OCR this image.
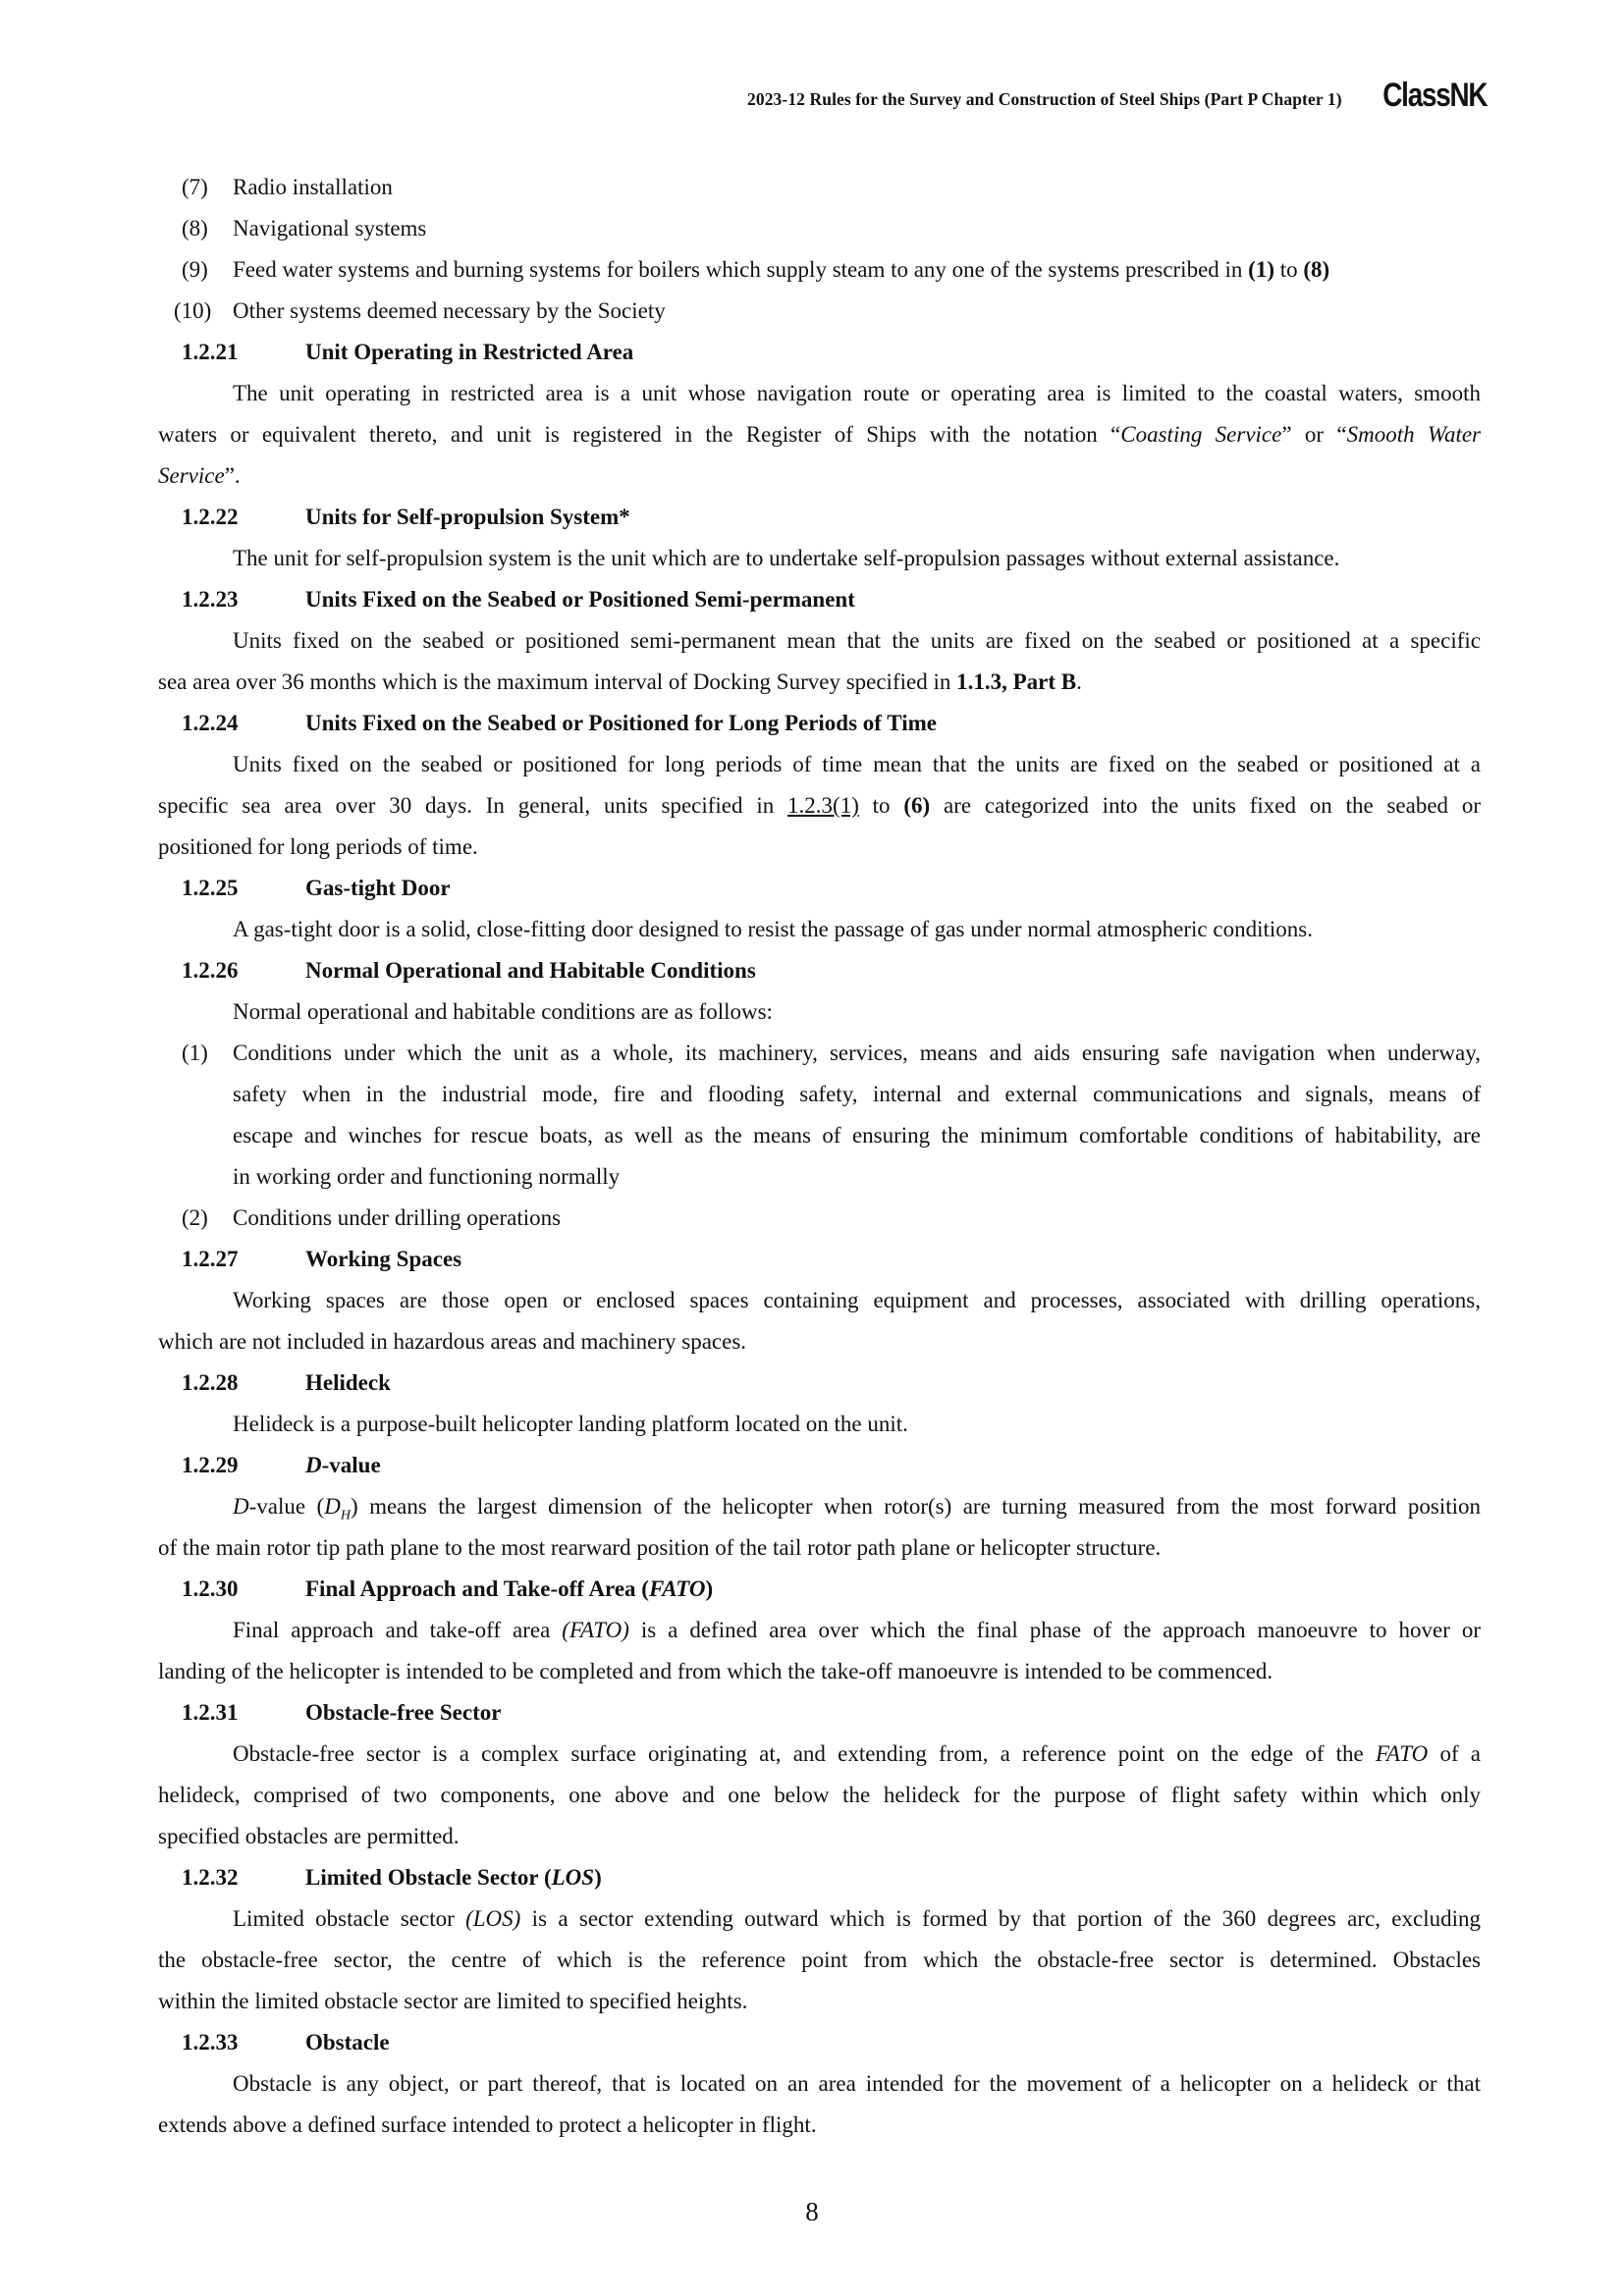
2023-12 Rules for the Survey and Construction of Steel Ships (Part P Chapter 1) ClassNK
(7)	Radio installation
(8)	Navigational systems
(9)	Feed water systems and burning systems for boilers which supply steam to any one of the systems prescribed in (1) to (8)
(10) Other systems deemed necessary by the Society
1.2.21	Unit Operating in Restricted Area
The unit operating in restricted area is a unit whose navigation route or operating area is limited to the coastal waters, smooth
waters or equivalent thereto, and unit is registered in the Register of Ships with the notation “Coasting Service” or “Smooth Water
Service”.
1.2.22	Units for Self-propulsion System*
The unit for self-propulsion system is the unit which are to undertake self-propulsion passages without external assistance.
1.2.23	Units Fixed on the Seabed or Positioned Semi-permanent
Units fixed on the seabed or positioned semi-permanent mean that the units are fixed on the seabed or positioned at a specific
sea area over 36 months which is the maximum interval of Docking Survey specified in 1.1.3, Part B.
1.2.24	Units Fixed on the Seabed or Positioned for Long Periods of Time
Units fixed on the seabed or positioned for long periods of time mean that the units are fixed on the seabed or positioned at a
specific sea area over 30 days. In general, units specified in 1.2.3(1) to (6) are categorized into the units fixed on the seabed or
positioned for long periods of time.
1.2.25	Gas-tight Door
A gas-tight door is a solid, close-fitting door designed to resist the passage of gas under normal atmospheric conditions.
1.2.26	Normal Operational and Habitable Conditions
Normal operational and habitable conditions are as follows:
(1)	Conditions under which the unit as a whole, its machinery, services, means and aids ensuring safe navigation when underway,
safety when in the industrial mode, fire and flooding safety, internal and external communications and signals, means of
escape and winches for rescue boats, as well as the means of ensuring the minimum comfortable conditions of habitability, are
in working order and functioning normally
(2)	Conditions under drilling operations
1.2.27	Working Spaces
Working spaces are those open or enclosed spaces containing equipment and processes, associated with drilling operations,
which are not included in hazardous areas and machinery spaces.
1.2.28	Helideck
Helideck is a purpose-built helicopter landing platform located on the unit.
1.2.29	D -value
D-value $(D_H)$ means the largest dimension of the helicopter when rotor(s) are turning measured from the most forward position
of the main rotor tip path plane to the most rearward position of the tail rotor path plane or helicopter structure.
1.2.30	Final Approach and Take-off Area ( FATO )
Final approach and take-off area (FATO) is a defined area over which the final phase of the approach manoeuvre to hover or
landing of the helicopter is intended to be completed and from which the take-off manoeuvre is intended to be commenced.
1.2.31	Obstacle-free Sector
Obstacle-free sector is a complex surface originating at, and extending from, a reference point on the edge of the FATO of a
helideck, comprised of two components, one above and one below the helideck for the purpose of flight safety within which only
specified obstacles are permitted.
1.2.32	Limited Obstacle Sector ( LOS )
Limited obstacle sector (LOS) is a sector extending outward which is formed by that portion of the 360 degrees arc, excluding
the obstacle-free sector, the centre of which is the reference point from which the obstacle-free sector is determined. Obstacles
within the limited obstacle sector are limited to specified heights.
1.2.33	Obstacle
Obstacle is any object, or part thereof, that is located on an area intended for the movement of a helicopter on a helideck or that
extends above a defined surface intended to protect a helicopter in flight.
8
